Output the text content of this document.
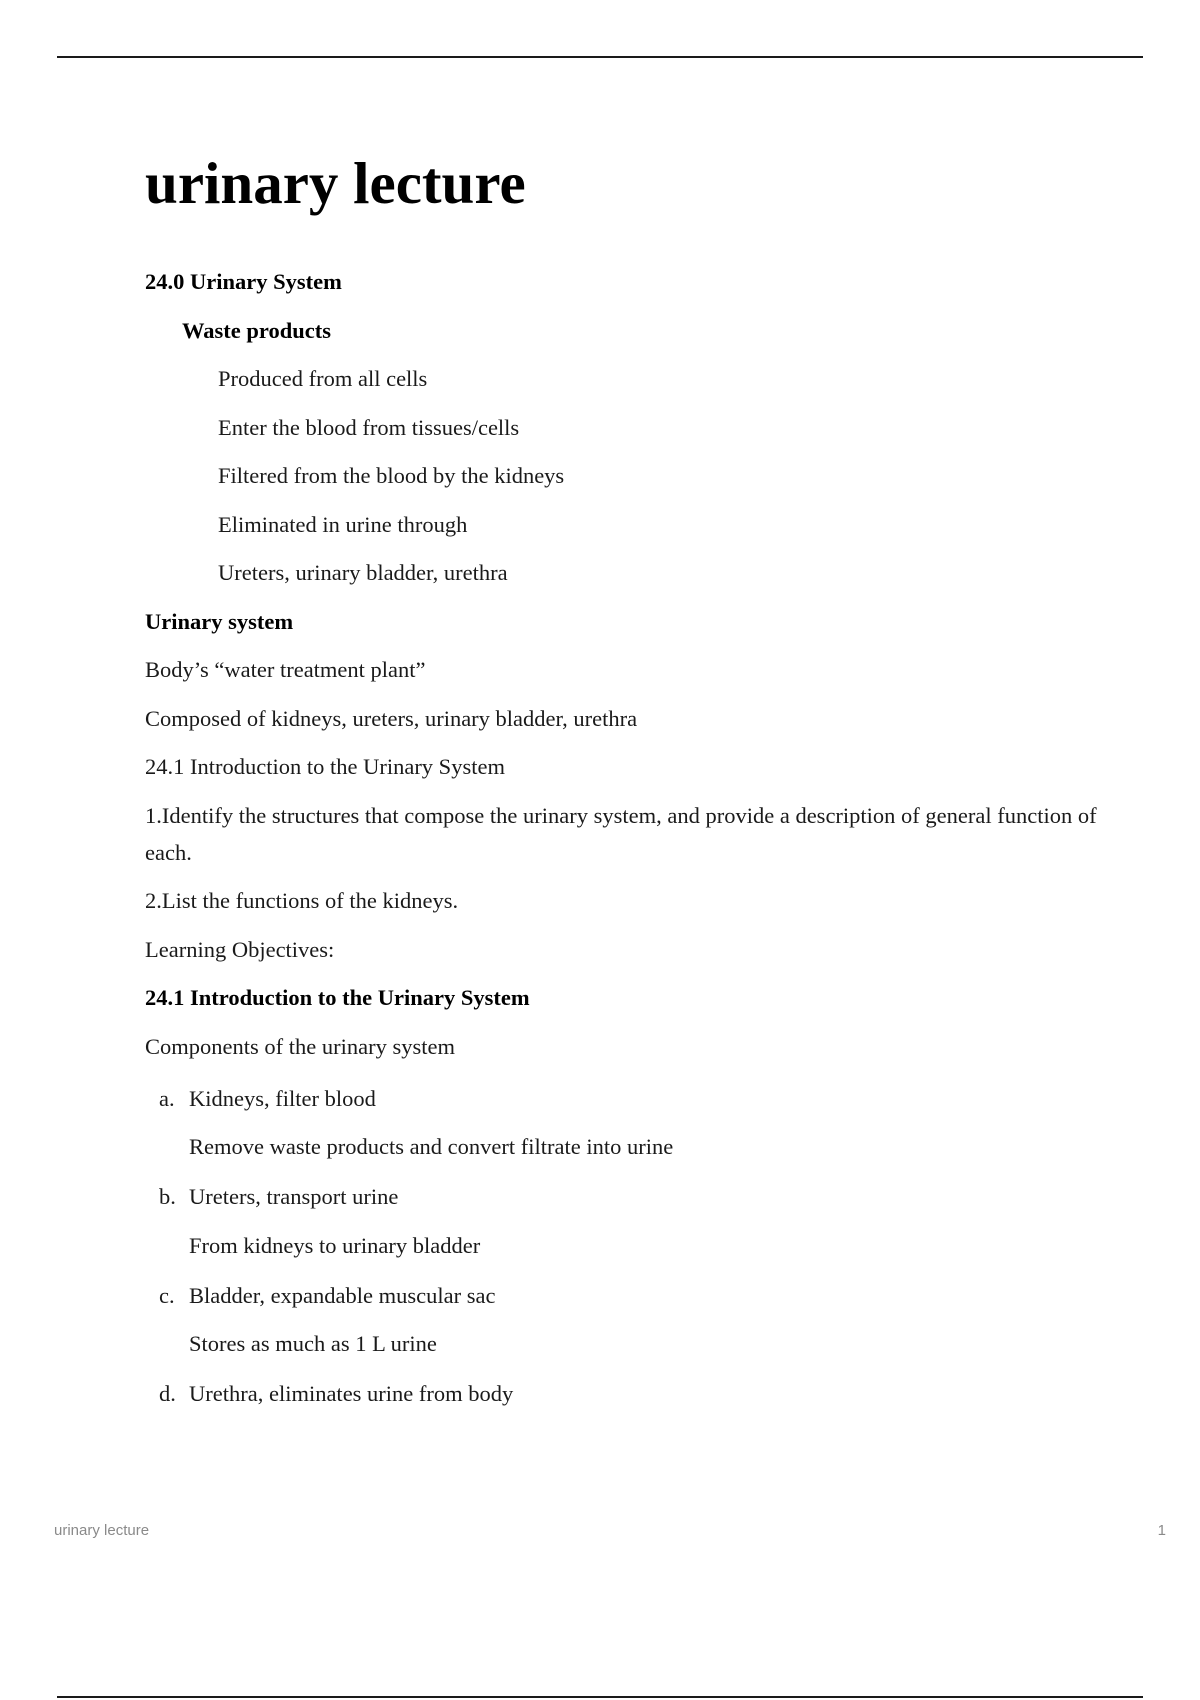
urinary lecture
24.0 Urinary System
Waste products
Produced from all cells
Enter the blood from tissues/cells
Filtered from the blood by the kidneys
Eliminated in urine through
Ureters, urinary bladder, urethra
Urinary system
Body’s “water treatment plant”
Composed of kidneys, ureters, urinary bladder, urethra
24.1 Introduction to the Urinary System
1.Identify the structures that compose the urinary system, and provide a description of general function of each.
2.List the functions of the kidneys.
Learning Objectives:
24.1 Introduction to the Urinary System
Components of the urinary system
a. Kidneys, filter blood
Remove waste products and convert filtrate into urine
b. Ureters, transport urine
From kidneys to urinary bladder
c. Bladder, expandable muscular sac
Stores as much as 1 L urine
d. Urethra, eliminates urine from body
urinary lecture	1
